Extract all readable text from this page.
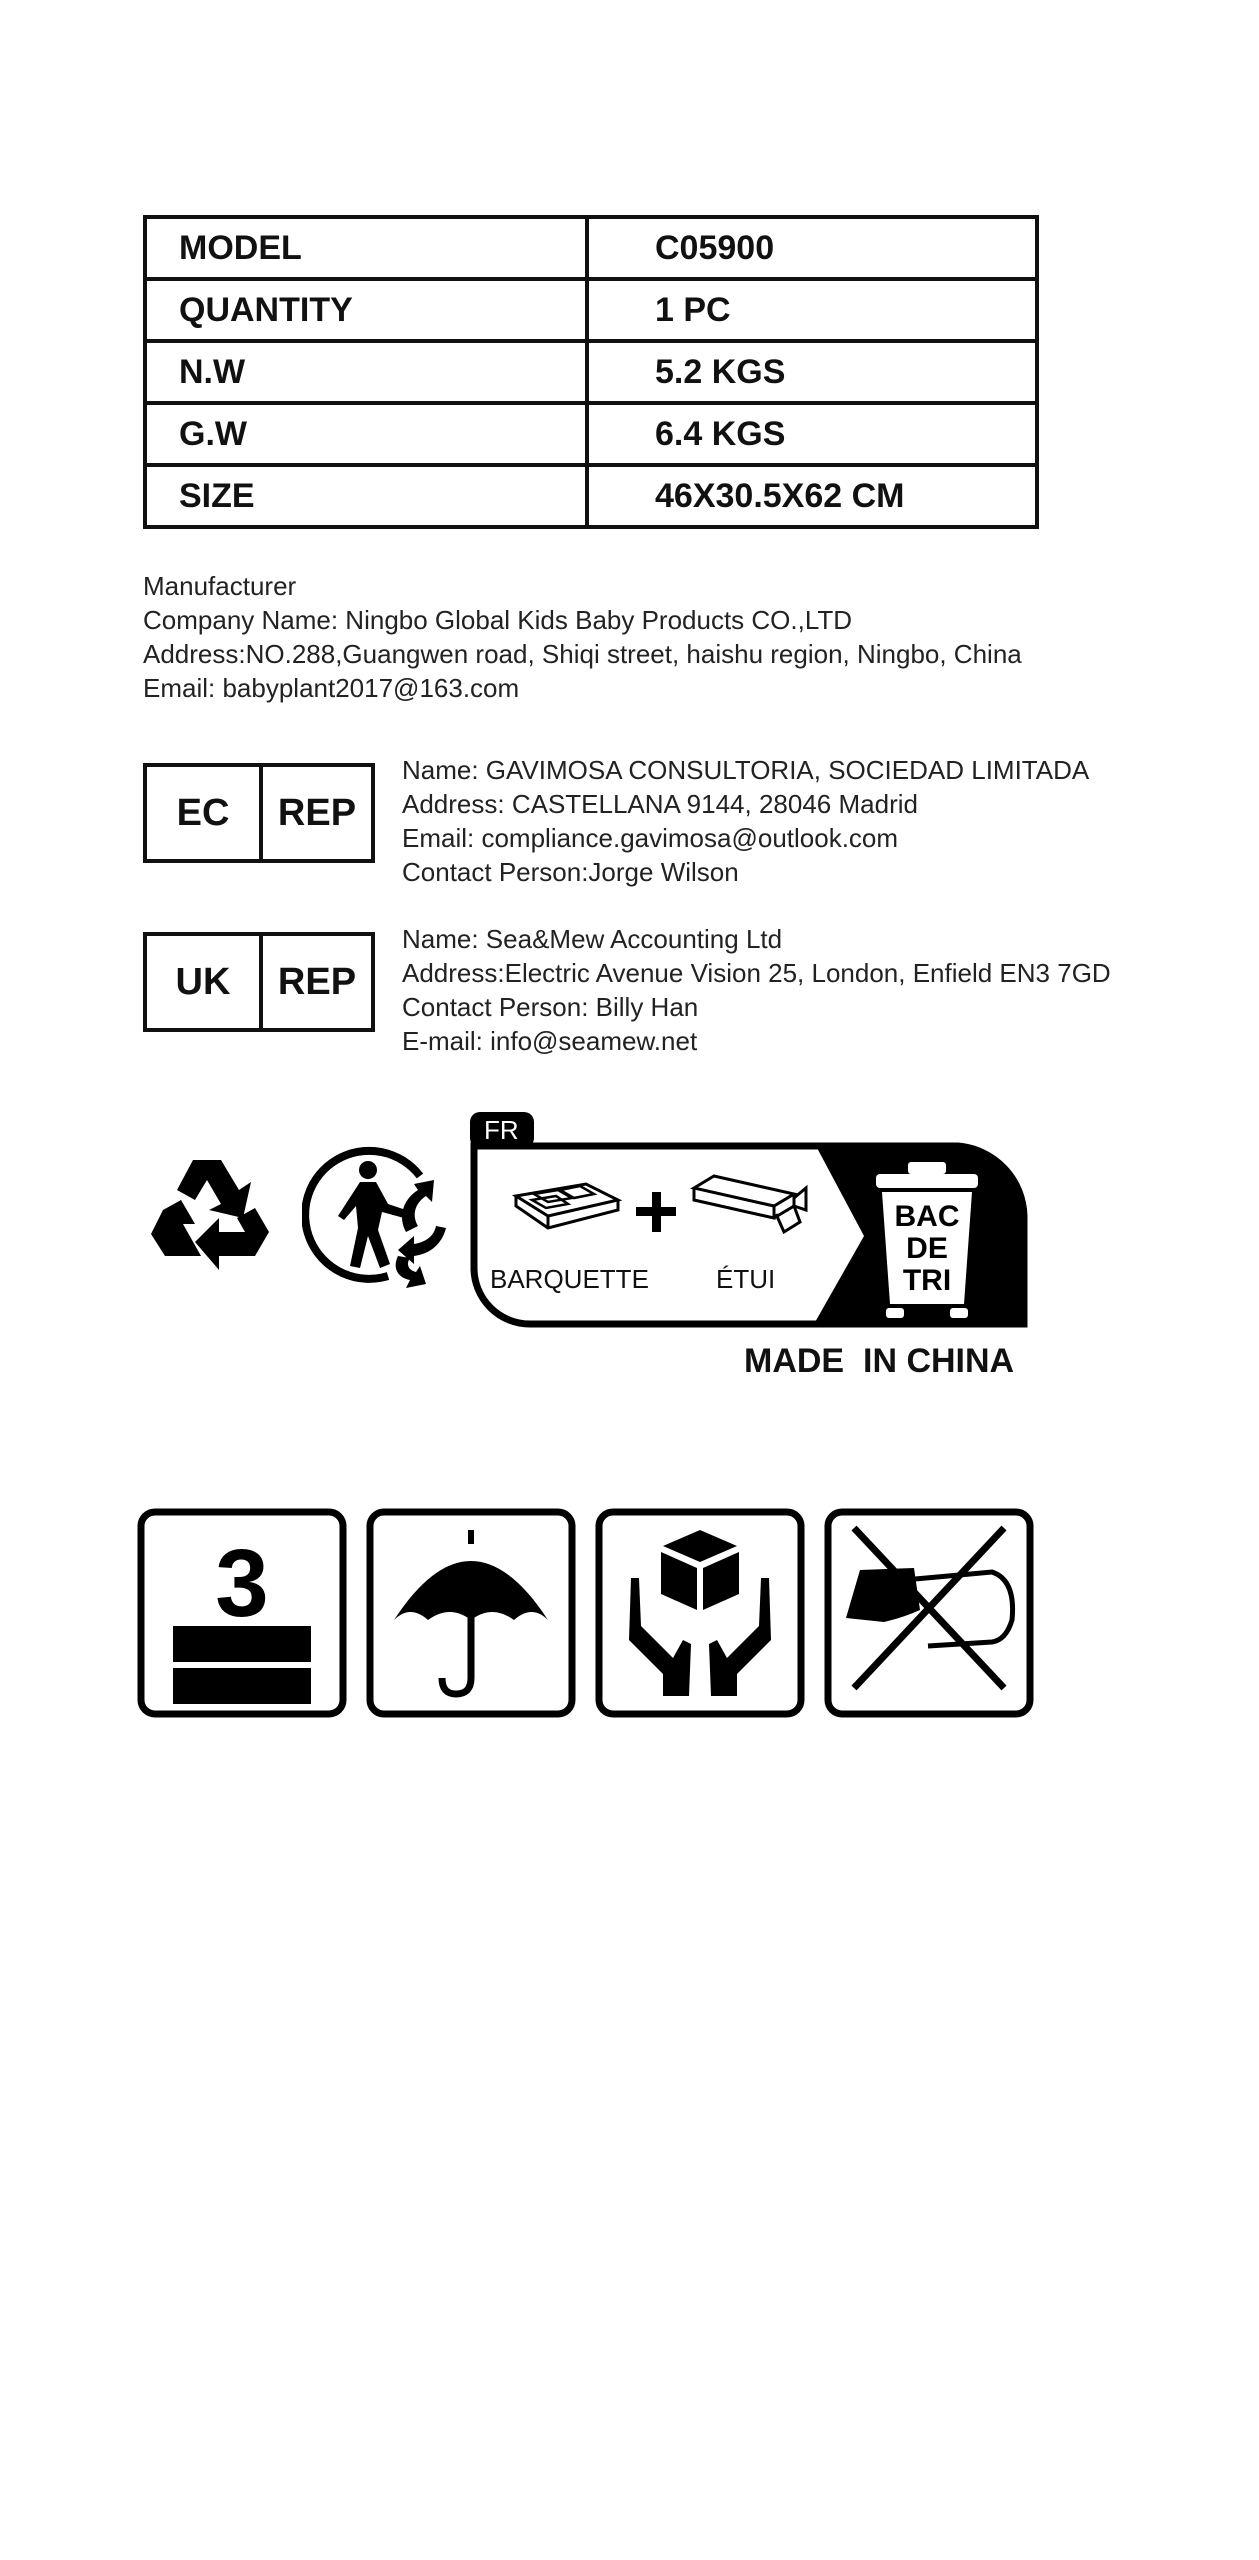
MODEL	C05900
QUANTITY	1 PC
N.W	5.2 KGS
G.W	6.4 KGS
SIZE	46X30.5X62 CM
Manufacturer
Company Name: Ningbo Global Kids Baby Products CO.,LTD
Address:NO.288,Guangwen road, Shiqi street, haishu region, Ningbo, China
Email: babyplant2017@163.com
EC	REP
Name: GAVIMOSA CONSULTORIA, SOCIEDAD LIMITADA
Address: CASTELLANA 9144, 28046 Madrid
Email: compliance.gavimosa@outlook.com
Contact Person:Jorge Wilson
UK	REP
Name: Sea&Mew Accounting Ltd
Address:Electric Avenue Vision 25, London, Enfield EN3 7GD
Contact Person: Billy Han
E-mail: info@seamew.net
FR
BARQUETTE	ÉTUI
BAC
DE
TRI
MADE  IN CHINA
3
